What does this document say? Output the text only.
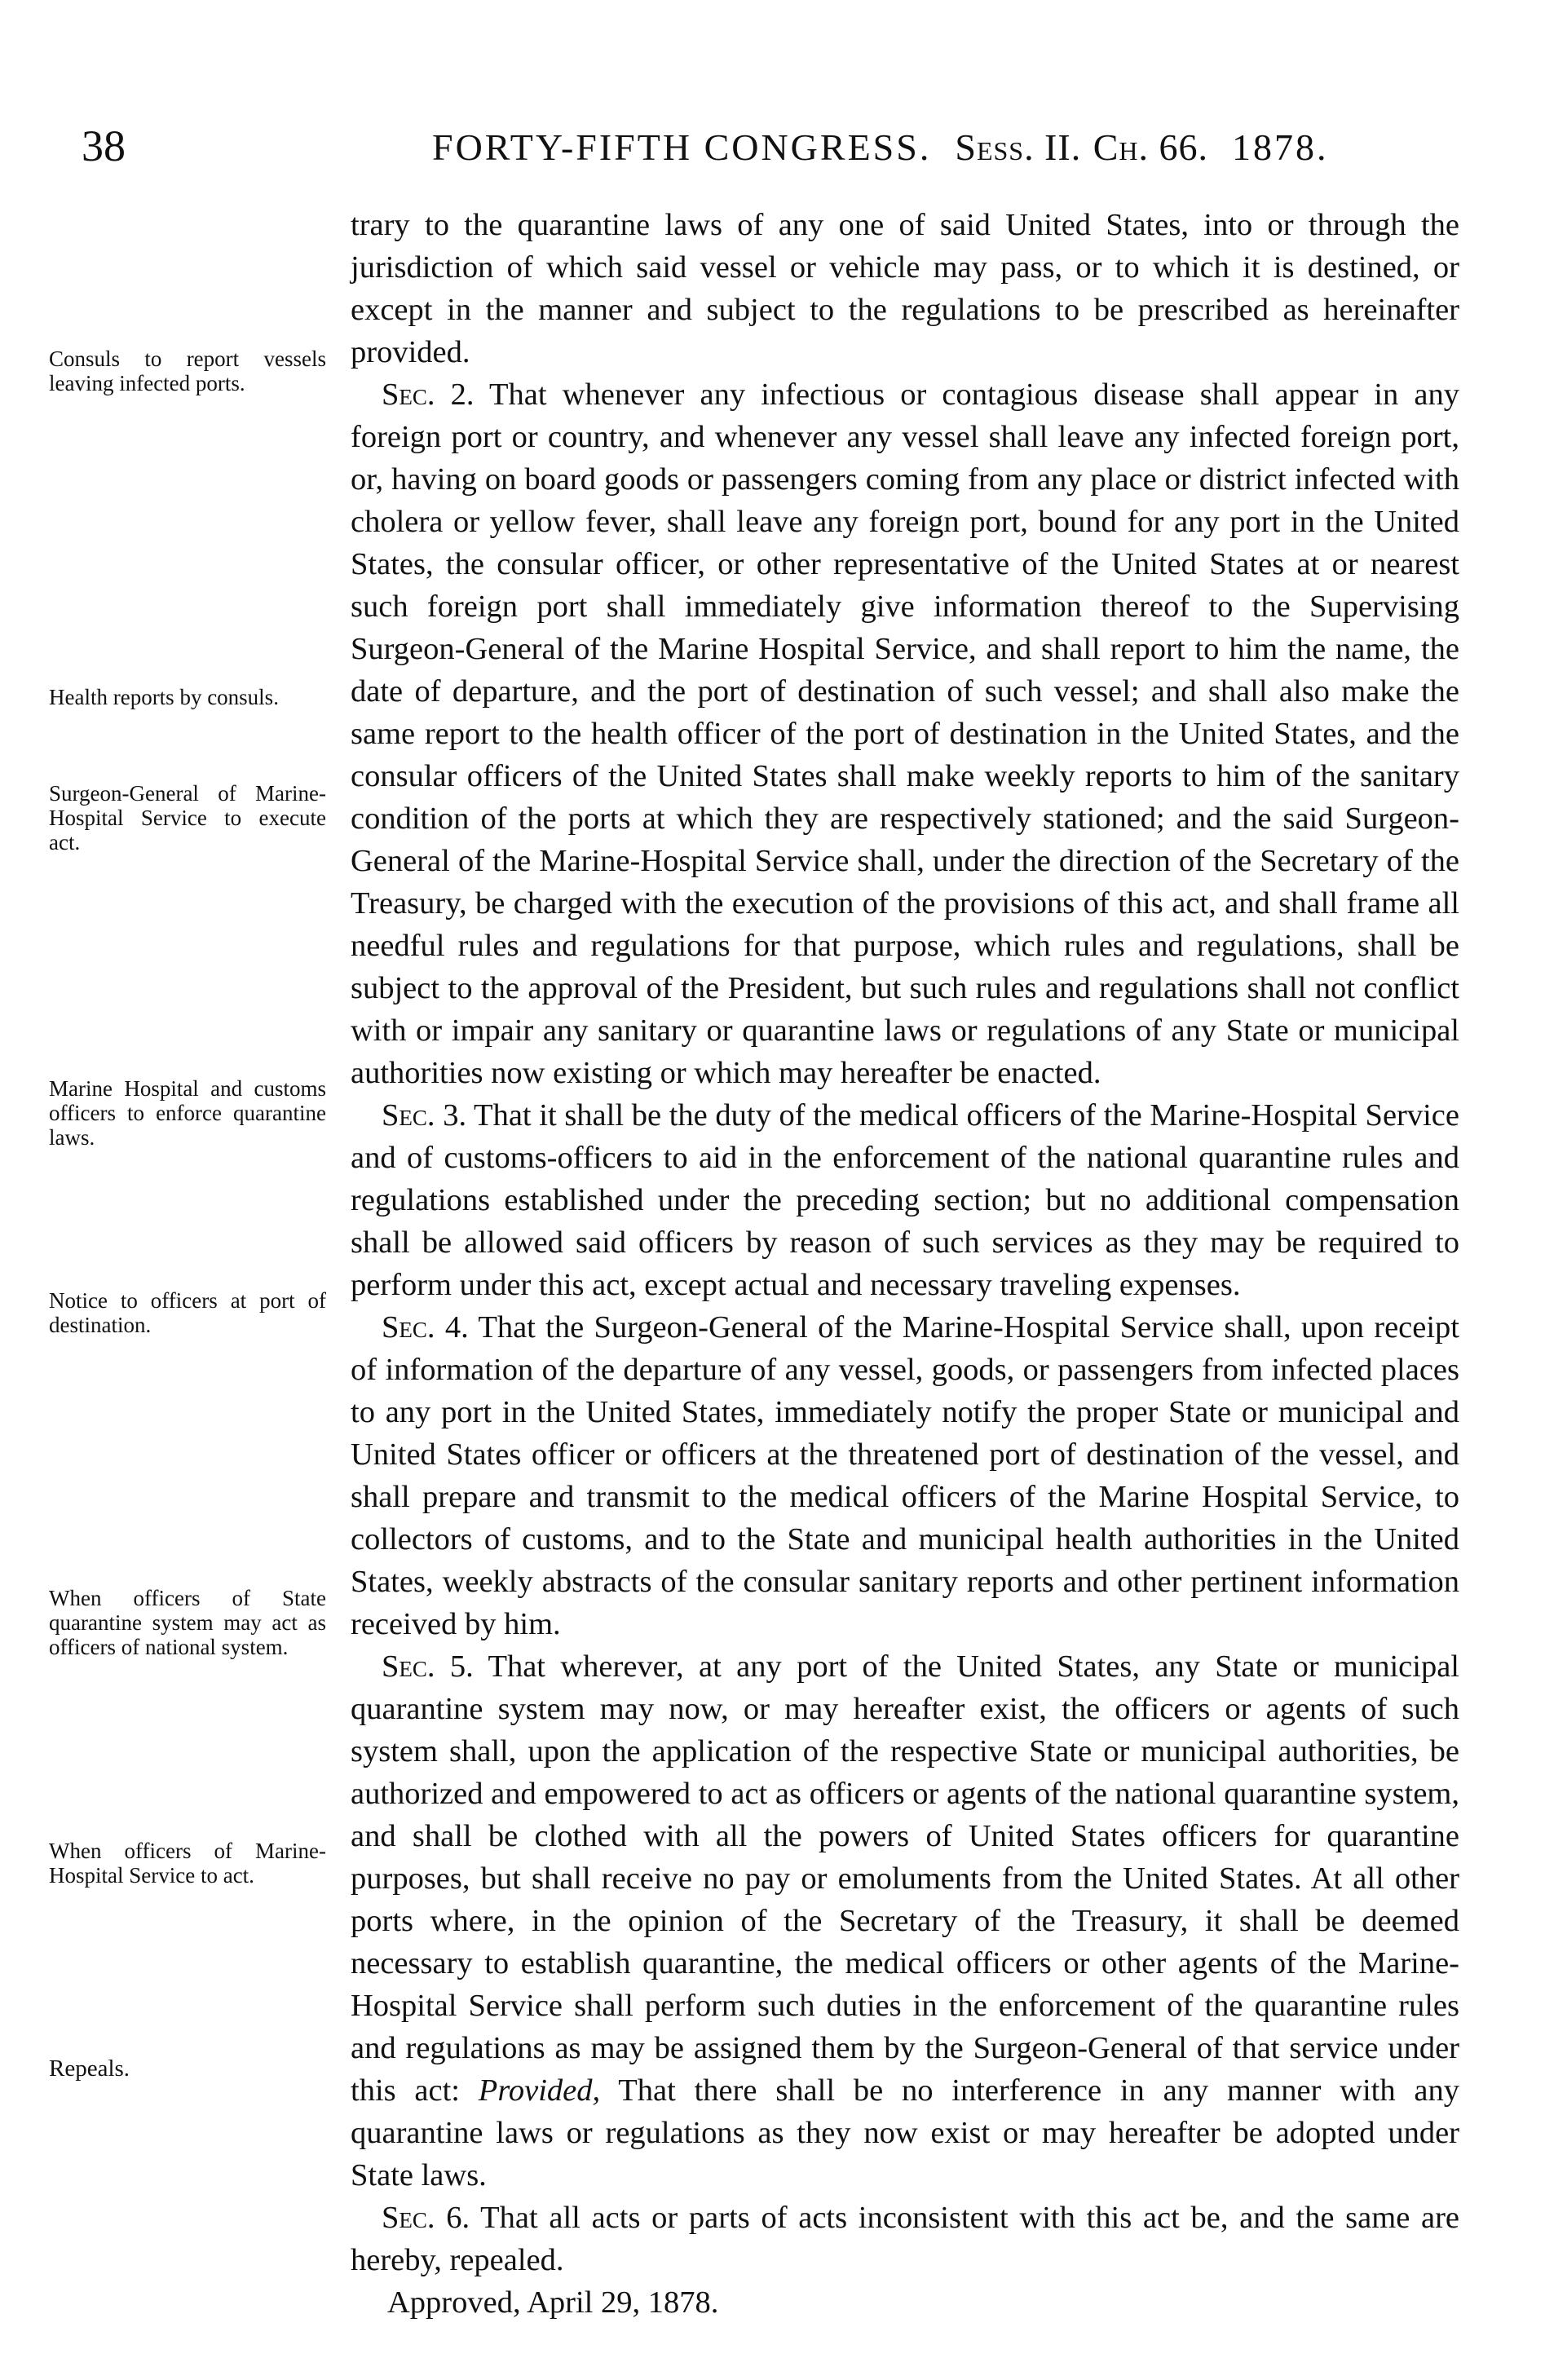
38	FORTY-FIFTH CONGRESS. Sess. II. Ch. 66. 1878.
Consuls to report vessels leaving infected ports.
Health reports by consuls.
Surgeon-General of Marine-Hospital Service to execute act.
Marine Hospital and customs officers to enforce quarantine laws.
Notice to officers at port of destination.
When officers of State quarantine system may act as officers of national system.
When officers of Marine-Hospital Service to act.
Repeals.

trary to the quarantine laws of any one of said United States, into or through the jurisdiction of which said vessel or vehicle may pass, or to which it is destined, or except in the manner and subject to the regulations to be prescribed as hereinafter provided.

Sec. 2. That whenever any infectious or contagious disease shall appear in any foreign port or country, and whenever any vessel shall leave any infected foreign port, or, having on board goods or passengers coming from any place or district infected with cholera or yellow fever, shall leave any foreign port, bound for any port in the United States, the consular officer, or other representative of the United States at or nearest such foreign port shall immediately give information thereof to the Supervising Surgeon-General of the Marine Hospital Service, and shall report to him the name, the date of departure, and the port of destination of such vessel; and shall also make the same report to the health officer of the port of destination in the United States, and the consular officers of the United States shall make weekly reports to him of the sanitary condition of the ports at which they are respectively stationed; and the said Surgeon-General of the Marine-Hospital Service shall, under the direction of the Secretary of the Treasury, be charged with the execution of the provisions of this act, and shall frame all needful rules and regulations for that purpose, which rules and regulations, shall be subject to the approval of the President, but such rules and regulations shall not conflict with or impair any sanitary or quarantine laws or regulations of any State or municipal authorities now existing or which may hereafter be enacted.

Sec. 3. That it shall be the duty of the medical officers of the Marine-Hospital Service and of customs-officers to aid in the enforcement of the national quarantine rules and regulations established under the preceding section; but no additional compensation shall be allowed said officers by reason of such services as they may be required to perform under this act, except actual and necessary traveling expenses.

Sec. 4. That the Surgeon-General of the Marine-Hospital Service shall, upon receipt of information of the departure of any vessel, goods, or passengers from infected places to any port in the United States, immediately notify the proper State or municipal and United States officer or officers at the threatened port of destination of the vessel, and shall prepare and transmit to the medical officers of the Marine Hospital Service, to collectors of customs, and to the State and municipal health authorities in the United States, weekly abstracts of the consular sanitary reports and other pertinent information received by him.

Sec. 5. That wherever, at any port of the United States, any State or municipal quarantine system may now, or may hereafter exist, the officers or agents of such system shall, upon the application of the respective State or municipal authorities, be authorized and empowered to act as officers or agents of the national quarantine system, and shall be clothed with all the powers of United States officers for quarantine purposes, but shall receive no pay or emoluments from the United States. At all other ports where, in the opinion of the Secretary of the Treasury, it shall be deemed necessary to establish quarantine, the medical officers or other agents of the Marine-Hospital Service shall perform such duties in the enforcement of the quarantine rules and regulations as may be assigned them by the Surgeon-General of that service under this act: Provided, That there shall be no interference in any manner with any quarantine laws or regulations as they now exist or may hereafter be adopted under State laws.

Sec. 6. That all acts or parts of acts inconsistent with this act be, and the same are hereby, repealed.

Approved, April 29, 1878.
